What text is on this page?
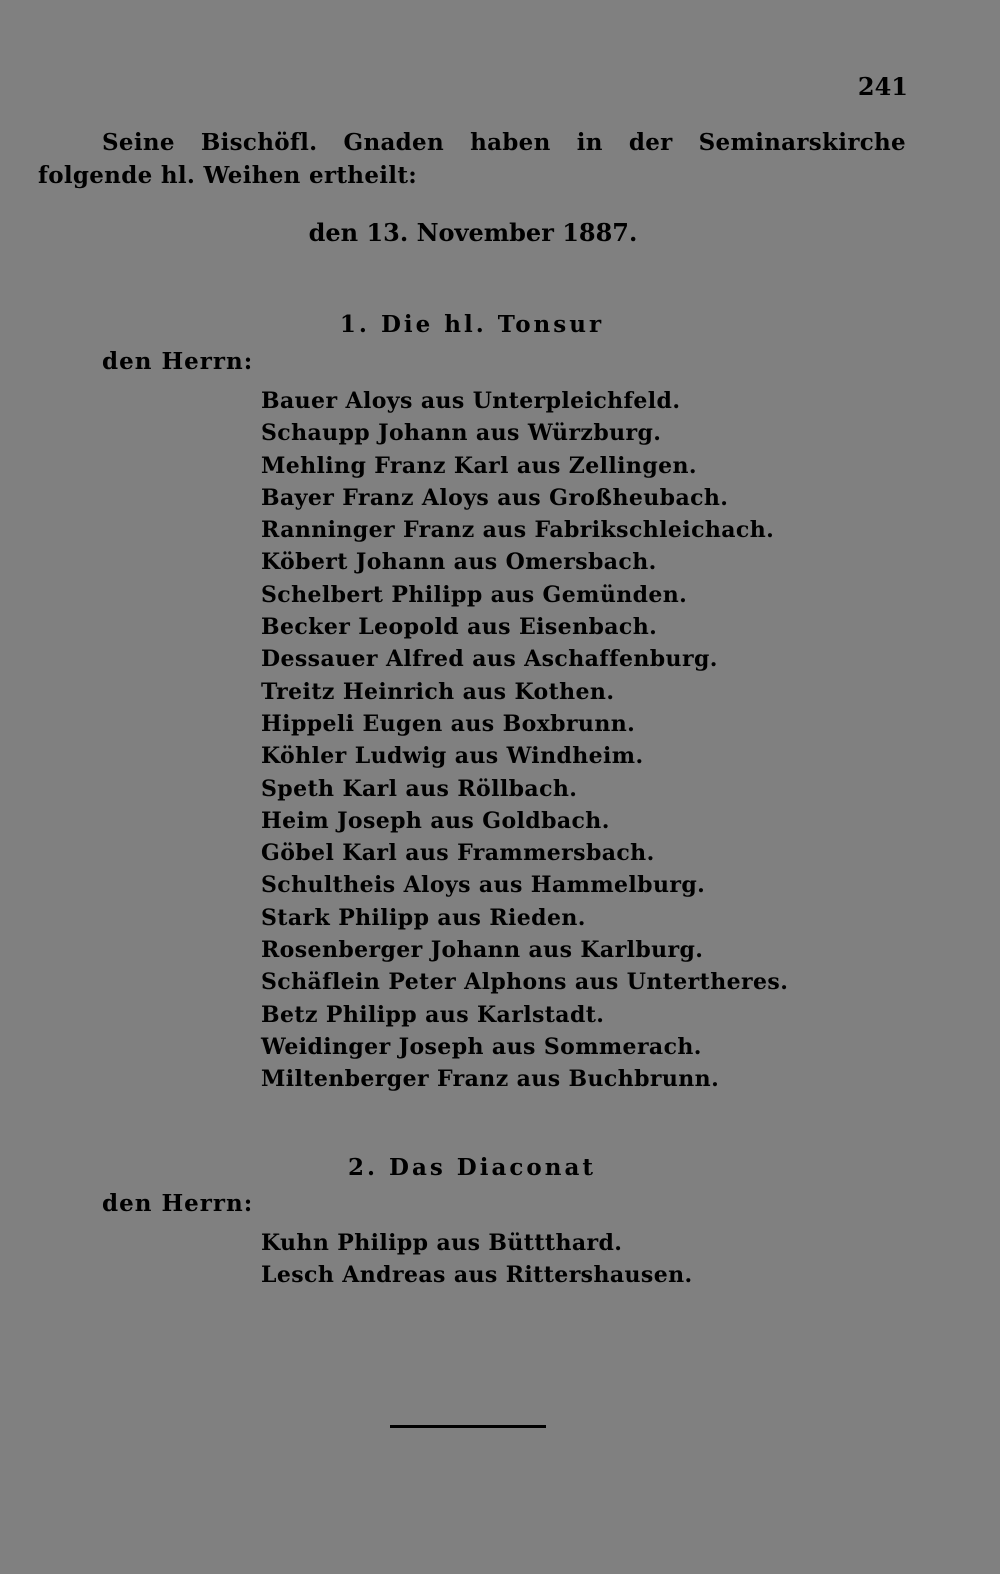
241
Seine Bischöfl. Gnaden haben in der Seminarskirche folgende hl. Weihen ertheilt:
den 13. November 1887.
1. Die hl. Tonsur
den Herrn:
Bauer Aloys aus Unterpleichfeld.
Schaupp Johann aus Würzburg.
Mehling Franz Karl aus Zellingen.
Bayer Franz Aloys aus Großheubach.
Ranninger Franz aus Fabrikschleichach.
Köbert Johann aus Omersbach.
Schelbert Philipp aus Gemünden.
Becker Leopold aus Eisenbach.
Dessauer Alfred aus Aschaffenburg.
Treitz Heinrich aus Kothen.
Hippeli Eugen aus Boxbrunn.
Köhler Ludwig aus Windheim.
Speth Karl aus Röllbach.
Heim Joseph aus Goldbach.
Göbel Karl aus Frammersbach.
Schultheis Aloys aus Hammelburg.
Stark Philipp aus Rieden.
Rosenberger Johann aus Karlburg.
Schäflein Peter Alphons aus Untertheres.
Betz Philipp aus Karlstadt.
Weidinger Joseph aus Sommerach.
Miltenberger Franz aus Buchbrunn.
2. Das Diaconat
den Herrn:
Kuhn Philipp aus Büttthard.
Lesch Andreas aus Rittershausen.
